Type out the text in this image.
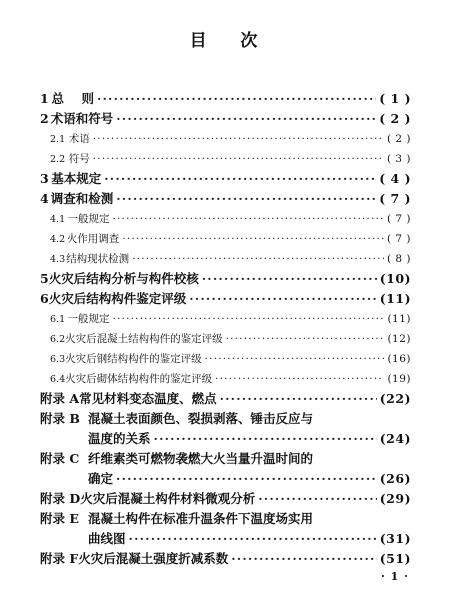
目    次
1 总    则 ·····	( 1 )
2 术语和符号 ·····	( 2 )
2.1 术语 ·····	( 2 )
2.2 符号 ·····	( 3 )
3 基本规定 ·····	( 4 )
4 调查和检测 ·····	( 7 )
4.1 一般规定 ·····	( 7 )
4.2 火作用调查 ·····	( 7 )
4.3 结构现状检测 ·····	( 8 )
5 火灾后结构分析与构件校核 ·····	(10)
6 火灾后结构构件鉴定评级 ·····	(11)
6.1 一般规定 ·····	(11)
6.2 火灾后混凝土结构构件的鉴定评级 ·····	(12)
6.3 火灾后钢结构构件的鉴定评级 ·····	(16)
6.4 火灾后砌体结构构件的鉴定评级 ·····	(19)
附录 A 常见材料变态温度、燃点 ·····	(22)
附录 B 混凝土表面颜色、裂损剥落、锤击反应与
温度的关系 ·····	(24)
附录 C 纤维素类可燃物袭燃大火当量升温时间的
确定 ·····	(26)
附录 D 火灾后混凝土构件材料微观分析 ·····	(29)
附录 E 混凝土构件在标准升温条件下温度场实用
曲线图 ·····	(31)
附录 F 火灾后混凝土强度折减系数 ·····	(51)
· 1 ·
